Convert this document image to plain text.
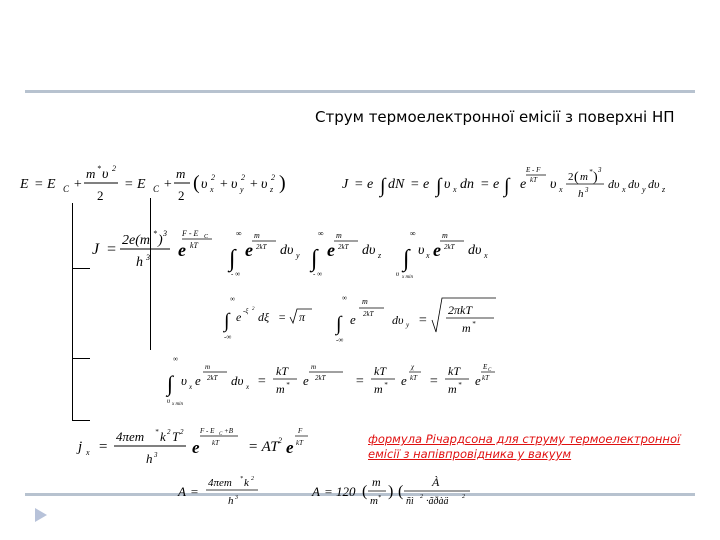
Струм термоелектронної емісії з поверхні НП
E = E C +
m * υ 2
2
= E C +
m
2
( υ x
2 + υ y
2 + υ z
2 )	J = e ∫ dN = e ∫ υ x dn = e ∫ e
E - F
kT υ x
2 ( m * ) 3
h 3 dυ x dυ y dυ z
J =
2e(m * ) 3
h 3 e
F - E C
kT
∞
∫
- ∞
e
m
2kT dυ y
∞
∫
- ∞
e
m
2kT dυ z
∞
∫
υ x min
υ x e
m
2kT dυ x
∞
∫
-∞
e -ξ 2
dξ = π
∞
∫
-∞
e
m
2kT dυ y =
2πkT
m *
∞
∫
υ x min
υ x e
m
2kT dυ x =
kT
m * e
m
2kT =
kT
m * e
χ
kT =
kT
m * e
E C
kT
j x =
4πem * k 2 T 2
h 3 e
F - E C +B
kT = AT 2 e
F
kT
A =
4πem * k 2
h 3	A = 120 (
m
m * ) (
À
ñì 2 ·ãðàä 2
формула Річардсона для струму термоелектронної емісії з напівпровідника у вакуум
